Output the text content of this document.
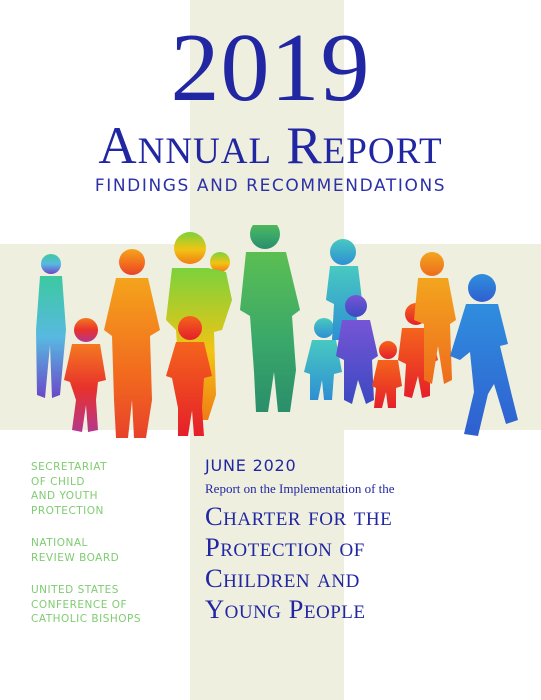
2019
Annual Report
FINDINGS AND RECOMMENDATIONS
SECRETARIAT
OF CHILD
AND YOUTH
PROTECTION
NATIONAL
REVIEW BOARD
UNITED STATES
CONFERENCE OF
CATHOLIC BISHOPS
JUNE 2020
Report on the Implementation of the
Charter for the
Protection of
Children and
Young People
